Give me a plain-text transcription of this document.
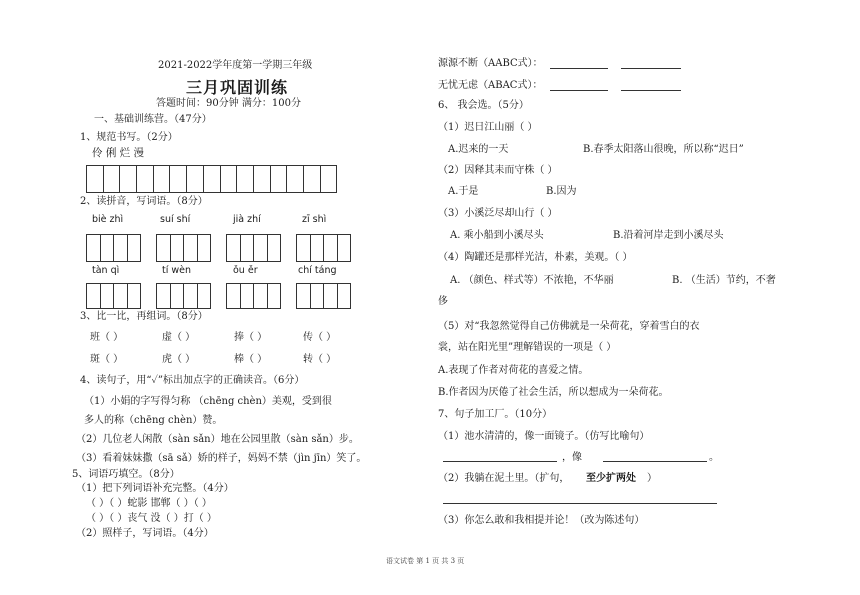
2021-2022学年度第一学期三年级
三月巩固训练
答题时间：90分钟 满分：100分
一、基础训练营。（47分）
1、规范书写。（2分）
伶 俐 烂 漫
2、读拼音，写词语。（8分）
biè zhì	suí shí	jià zhí	zī shì
tàn qì	tí wèn	ǒu ěr	chí táng
3、比一比，再组词。（8分）
班（ ）	虚（ ）	捧（ ）	传（ ）
斑（ ）	虎（ ）	棒（ ）	转（ ）
4、读句子，用“✓”标出加点字的正确读音。（6分）
（1）小娟的字写得匀称 （chēng chèn）美观，受到很
多人的称（chēng chèn）赞。
（2）几位老人闲散（sàn sǎn）地在公园里散（sàn sǎn）步。
（3）看着妹妹撒（sā sǎ）娇的样子，妈妈不禁（jìn jīn）笑了。
5、词语巧填空。（8分）
（1）把下列词语补充完整。（4分）
（ ）（ ）蛇影 邯郸（ ）（ ）
（ ）（ ）丧气 没（ ）打（ ）
（2）照样子，写词语。（4分）
源源不断（AABC式）：
无忧无虑（ABAC式）：
6、 我会选。（5分）
（1）迟日江山丽（ ）
A.迟来的一天	B.春季太阳落山很晚，所以称“迟日”
（2）因释其耒而守株（ ）
A.于是	B.因为
（3）小溪泛尽却山行（ ）
A. 乘小船到小溪尽头	B.沿着河岸走到小溪尽头
（4）陶罐还是那样光洁，朴素，美观。（ ）
A. （颜色、样式等）不浓艳，不华丽	B. （生活）节约，不奢
侈
（5）对“我忽然觉得自己仿佛就是一朵荷花，穿着雪白的衣
裳，站在阳光里”理解错误的一项是（ ）
A.表现了作者对荷花的喜爱之情。
B.作者因为厌倦了社会生活，所以想成为一朵荷花。
7、句子加工厂。（10分）
（1）池水清清的，像一面镜子。（仿写比喻句）
，像	。
（2）我躺在泥土里。（扩句， 至少扩两处 ）
（3）你怎么敢和我相提并论！（改为陈述句）
语文试卷 第 1 页 共 3 页
